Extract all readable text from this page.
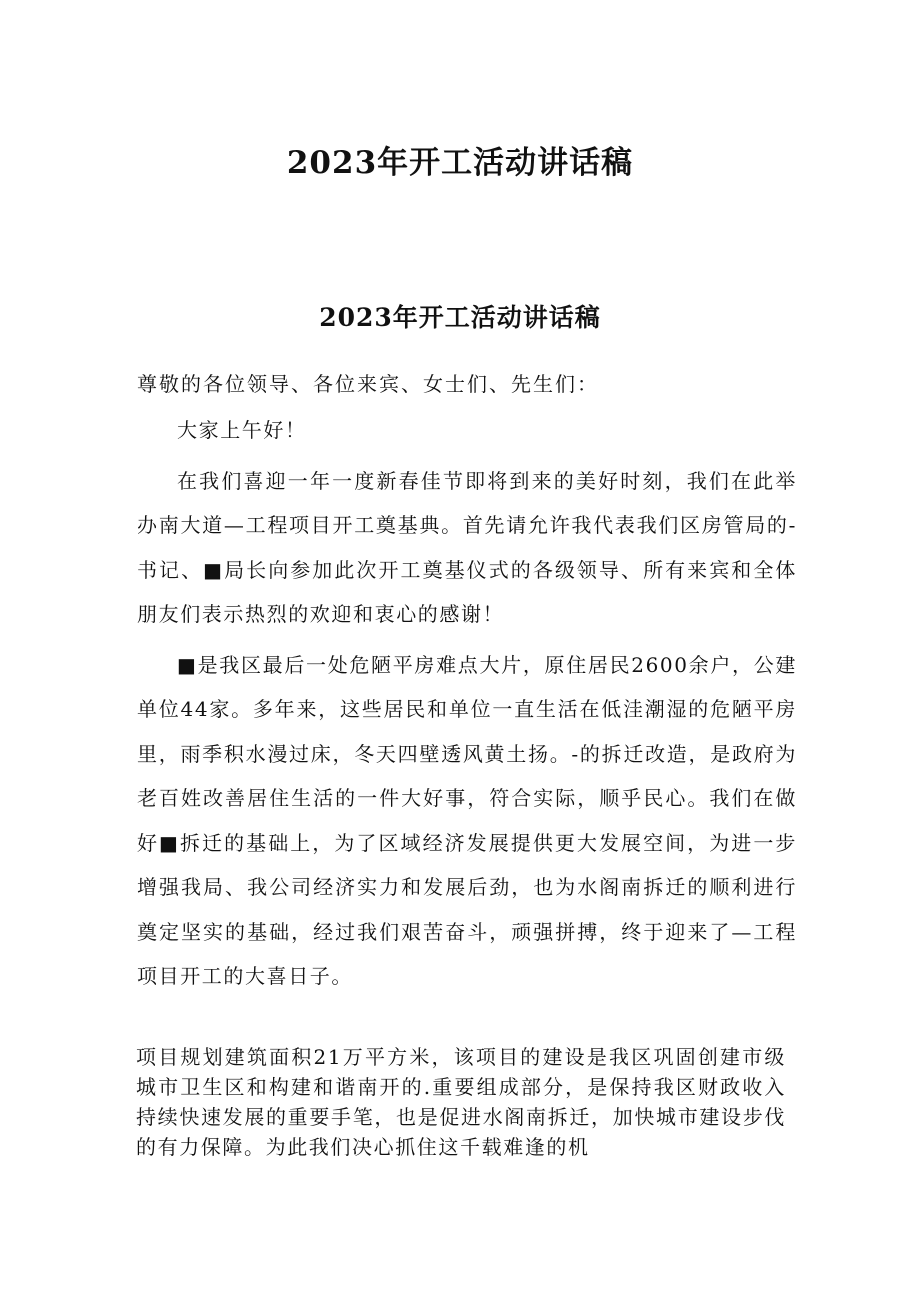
2023年开工活动讲话稿
2023年开工活动讲话稿

尊敬的各位领导、各位来宾、女士们、先生们：

大家上午好！

在我们喜迎一年一度新春佳节即将到来的美好时刻，我们在此举办南大道—工程项目开工奠基典。首先请允许我代表我们区房管局的-书记、■局长向参加此次开工奠基仪式的各级领导、所有来宾和全体朋友们表示热烈的欢迎和衷心的感谢！

■是我区最后一处危陋平房难点大片，原住居民2600余户，公建单位44家。多年来，这些居民和单位一直生活在低洼潮湿的危陋平房里，雨季积水漫过床，冬天四壁透风黄土扬。-的拆迁改造，是政府为老百姓改善居住生活的一件大好事，符合实际，顺乎民心。我们在做好■拆迁的基础上，为了区域经济发展提供更大发展空间，为进一步增强我局、我公司经济实力和发展后劲，也为水阁南拆迁的顺利进行奠定坚实的基础，经过我们艰苦奋斗，顽强拼搏，终于迎来了—工程项目开工的大喜日子。

项目规划建筑面积21万平方米，该项目的建设是我区巩固创建市级城市卫生区和构建和谐南开的.重要组成部分，是保持我区财政收入持续快速发展的重要手笔，也是促进水阁南拆迁，加快城市建设步伐的有力保障。为此我们决心抓住这千载难逢的机
